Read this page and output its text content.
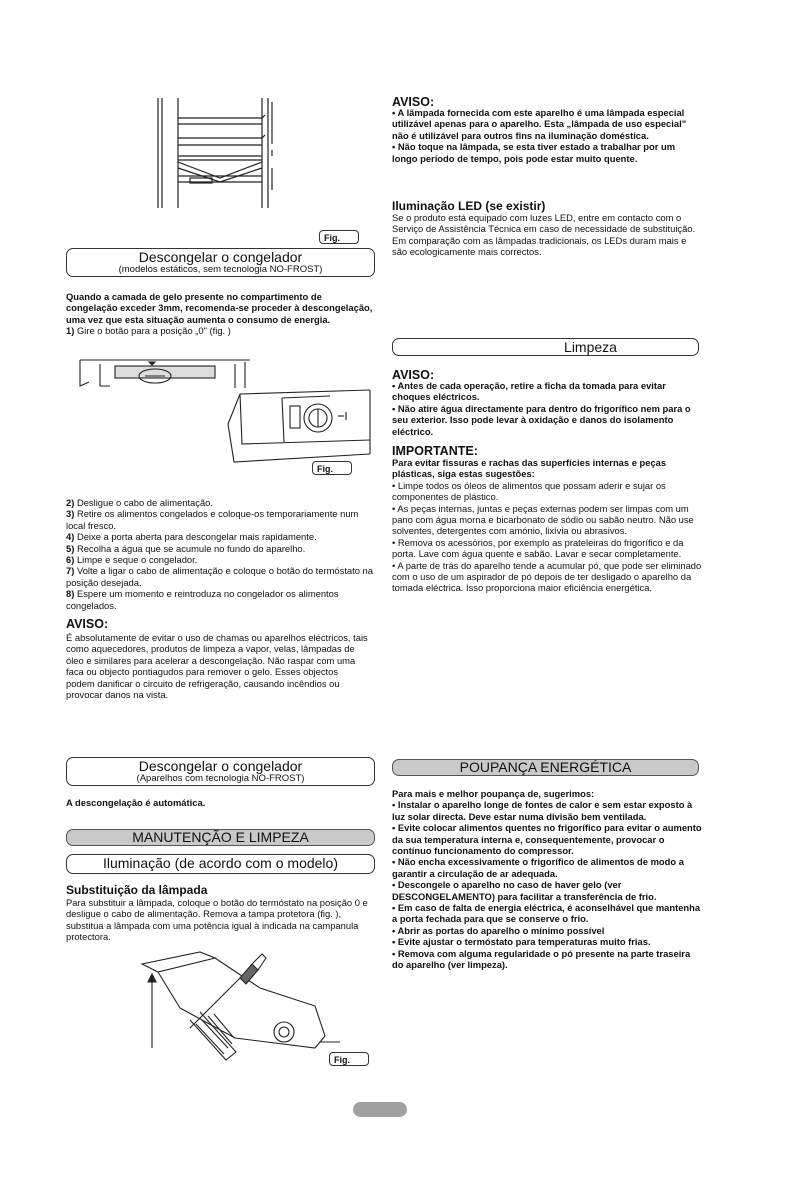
Fig.
Descongelar o congelador
(modelos estáticos, sem tecnologia NO-FROST)

Quando a camada de gelo presente no compartimento de congelação exceder 3mm, recomenda-se proceder à descongelação, uma vez que esta situação aumenta o consumo de energia.

1) Gire o botão para a posição „0" (fig. )

Fig.

2) Desligue o cabo de alimentação.

3) Retire os alimentos congelados e coloque-os temporariamente num local fresco.

4) Deixe a porta aberta para descongelar mais rapidamente.

5) Recolha a água que se acumule no fundo do aparelho.

6) Limpe e seque o congelador.

7) Volte a ligar o cabo de alimentação e coloque o botão do termóstato na posição desejada.

8) Espere um momento e reintroduza no congelador os alimentos congelados.

AVISO:
É absolutamente de evitar o uso de chamas ou aparelhos eléctricos, tais como aquecedores, produtos de limpeza a vapor, velas, lâmpadas de óleo e similares para acelerar a descongelação. Não raspar com uma faca ou objecto pontiagudos para remover o gelo. Esses objectos podem danificar o circuito de refrigeração, causando incêndios ou provocar danos na vista.
Descongelar o congelador
(Aparelhos com tecnologia NO-FROST)
A descongelação é automática.
MANUTENÇÃO E LIMPEZA
Iluminação (de acordo com o modelo)
Substituição da lâmpada
Para substituir a lâmpada, coloque o botão do termóstato na posição 0 e desligue o cabo de alimentação. Remova a tampa protetora (fig. ), substitua a lâmpada com uma potência igual à indicada na campanula protectora.
Fig.
AVISO:

• A lâmpada fornecida com este aparelho é uma lâmpada especial utilizável apenas para o aparelho. Esta „lâmpada de uso especial" não é utilizável para outros fins na iluminação doméstica.

• Não toque na lâmpada, se esta tiver estado a trabalhar por um longo período de tempo, pois pode estar muito quente.

Iluminação LED (se existir)
Se o produto está equipado com luzes LED, entre em contacto com o Serviço de Assistência Técnica em caso de necessidade de substituição. Em comparação com as lâmpadas tradicionais, os LEDs duram mais e são ecologicamente mais correctos.
Limpeza
AVISO:

• Antes de cada operação, retire a ficha da tomada para evitar choques eléctricos.

• Não atire água directamente para dentro do frigorífico nem para o seu exterior. Isso pode levar à oxidação e danos do isolamento eléctrico.

IMPORTANTE:

Para evitar fissuras e rachas das superfícies internas e peças plásticas, siga estas sugestões:

• Limpe todos os óleos de alimentos que possam aderir e sujar os componentes de plástico.

• As peças internas, juntas e peças externas podem ser limpas com um pano com água morna e bicarbonato de sódio ou sabão neutro. Não use solventes, detergentes com amónio, lixívia ou abrasivos.

• Remova os acessórios, por exemplo as prateleiras do frigorífico e da porta. Lave com água quente e sabão. Lavar e secar completamente.

• A parte de trás do aparelho tende a acumular pó, que pode ser eliminado com o uso de um aspirador de pó depois de ter desligado o aparelho da tomada eléctrica. Isso proporciona maior eficiência energética.

POUPANÇA ENERGÉTICA

Para mais e melhor poupança de, sugerimos:

• Instalar o aparelho longe de fontes de calor e sem estar exposto à luz solar directa. Deve estar numa divisão bem ventilada.

• Evite colocar alimentos quentes no frigorífico para evitar o aumento da sua temperatura interna e, consequentemente, provocar o contínuo funcionamento do compressor.

• Não encha excessivamente o frigorífico de alimentos de modo a garantir a circulação de ar adequada.

• Descongele o aparelho no caso de haver gelo (ver DESCONGELAMENTO) para facilitar a transferência de frio.

• Em caso de falta de energia eléctrica, é aconselhável que mantenha a porta fechada para que se conserve o frio.

• Abrir as portas do aparelho o mínimo possível

• Evite ajustar o termóstato para temperaturas muito frias.

• Remova com alguma regularidade o pó presente na parte traseira do aparelho (ver limpeza).
